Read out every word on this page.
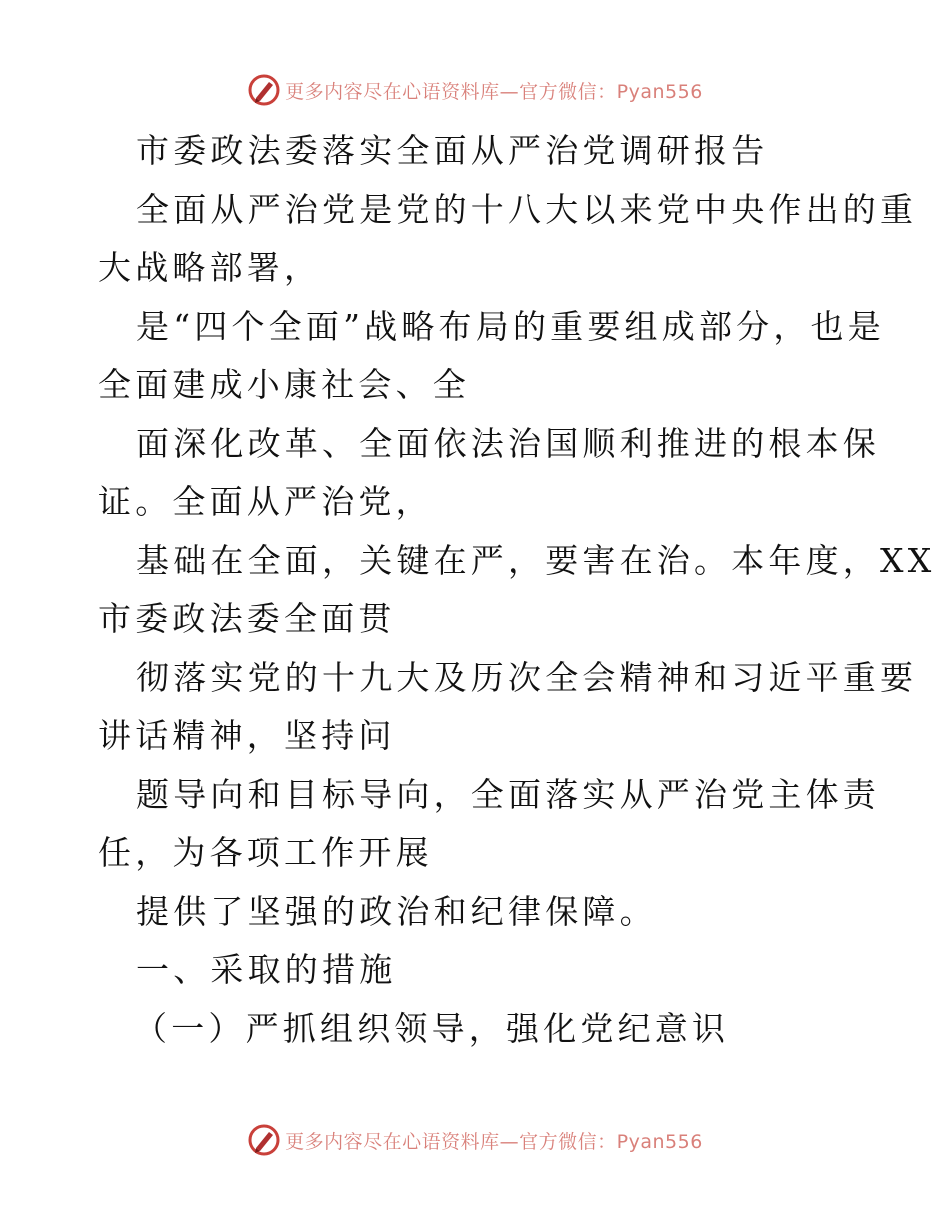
更多内容尽在心语资料库—官方微信：Pyan556
市委政法委落实全面从严治党调研报告
全面从严治党是党的十八大以来党中央作出的重
大战略部署，
是“四个全面”战略布局的重要组成部分，也是
全面建成小康社会、全
面深化改革、全面依法治国顺利推进的根本保
证。全面从严治党，
基础在全面，关键在严，要害在治。本年度，XX
市委政法委全面贯
彻落实党的十九大及历次全会精神和习近平重要
讲话精神，坚持问
题导向和目标导向，全面落实从严治党主体责
任，为各项工作开展
提供了坚强的政治和纪律保障。
一、采取的措施
（一）严抓组织领导，强化党纪意识
更多内容尽在心语资料库—官方微信：Pyan556
